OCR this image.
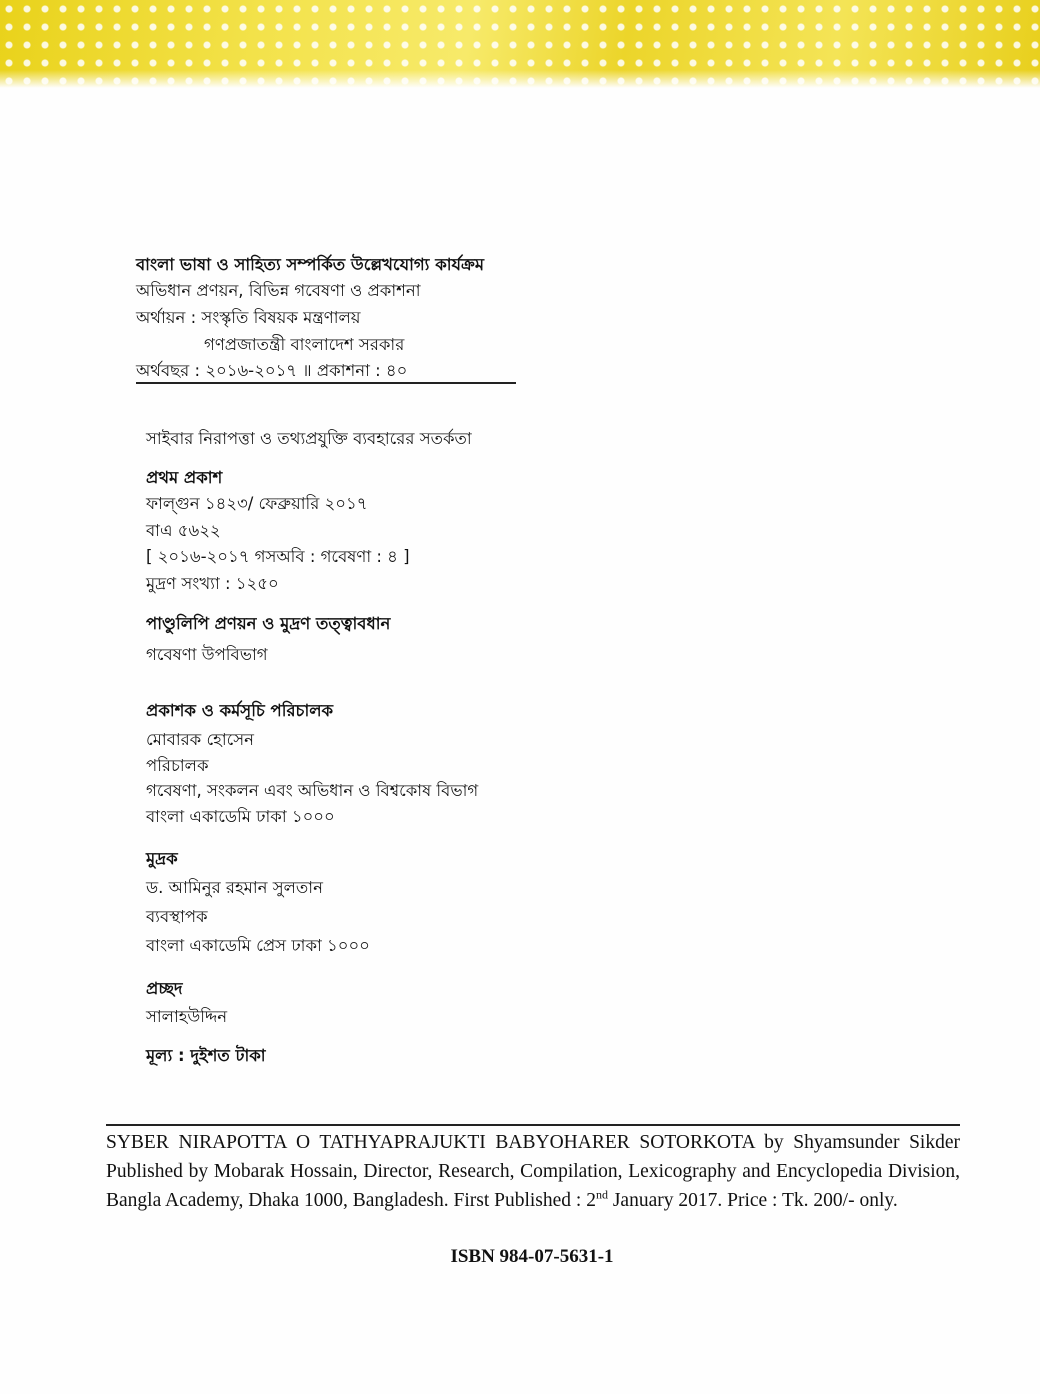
বাংলা ভাষা ও সাহিত্য সম্পর্কিত উল্লেখযোগ্য কার্যক্রম
অভিধান প্রণয়ন, বিভিন্ন গবেষণা ও প্রকাশনা
অর্থায়ন : সংস্কৃতি বিষয়ক মন্ত্রণালয়
গণপ্রজাতন্ত্রী বাংলাদেশ সরকার
অর্থবছর : ২০১৬-২০১৭ ॥ প্রকাশনা : ৪০
সাইবার নিরাপত্তা ও তথ্যপ্রযুক্তি ব্যবহারের সতর্কতা
প্রথম প্রকাশ
ফাল্গুন ১৪২৩/ ফেব্রুয়ারি ২০১৭
বাএ ৫৬২২
[ ২০১৬-২০১৭ গসঅবি : গবেষণা : ৪ ]
মুদ্রণ সংখ্যা : ১২৫০
পাণ্ডুলিপি প্রণয়ন ও মুদ্রণ তত্ত্বাবধান
গবেষণা উপবিভাগ
প্রকাশক ও কর্মসূচি পরিচালক
মোবারক হোসেন
পরিচালক
গবেষণা, সংকলন এবং অভিধান ও বিশ্বকোষ বিভাগ
বাংলা একাডেমি ঢাকা ১০০০
মুদ্রক
ড. আমিনুর রহমান সুলতান
ব্যবস্থাপক
বাংলা একাডেমি প্রেস ঢাকা ১০০০
প্রচ্ছদ
সালাহউদ্দিন
মূল্য : দুইশত টাকা

SYBER NIRAPOTTA O TATHYAPRAJUKTI BABYOHARER SOTORKOTA by Shyamsunder Sikder Published by Mobarak Hossain, Director, Research, Compilation, Lexicography and Encyclopedia Division, Bangla Academy, Dhaka 1000, Bangladesh. First Published : 2nd January 2017. Price : Tk. 200/- only.

ISBN 984-07-5631-1
